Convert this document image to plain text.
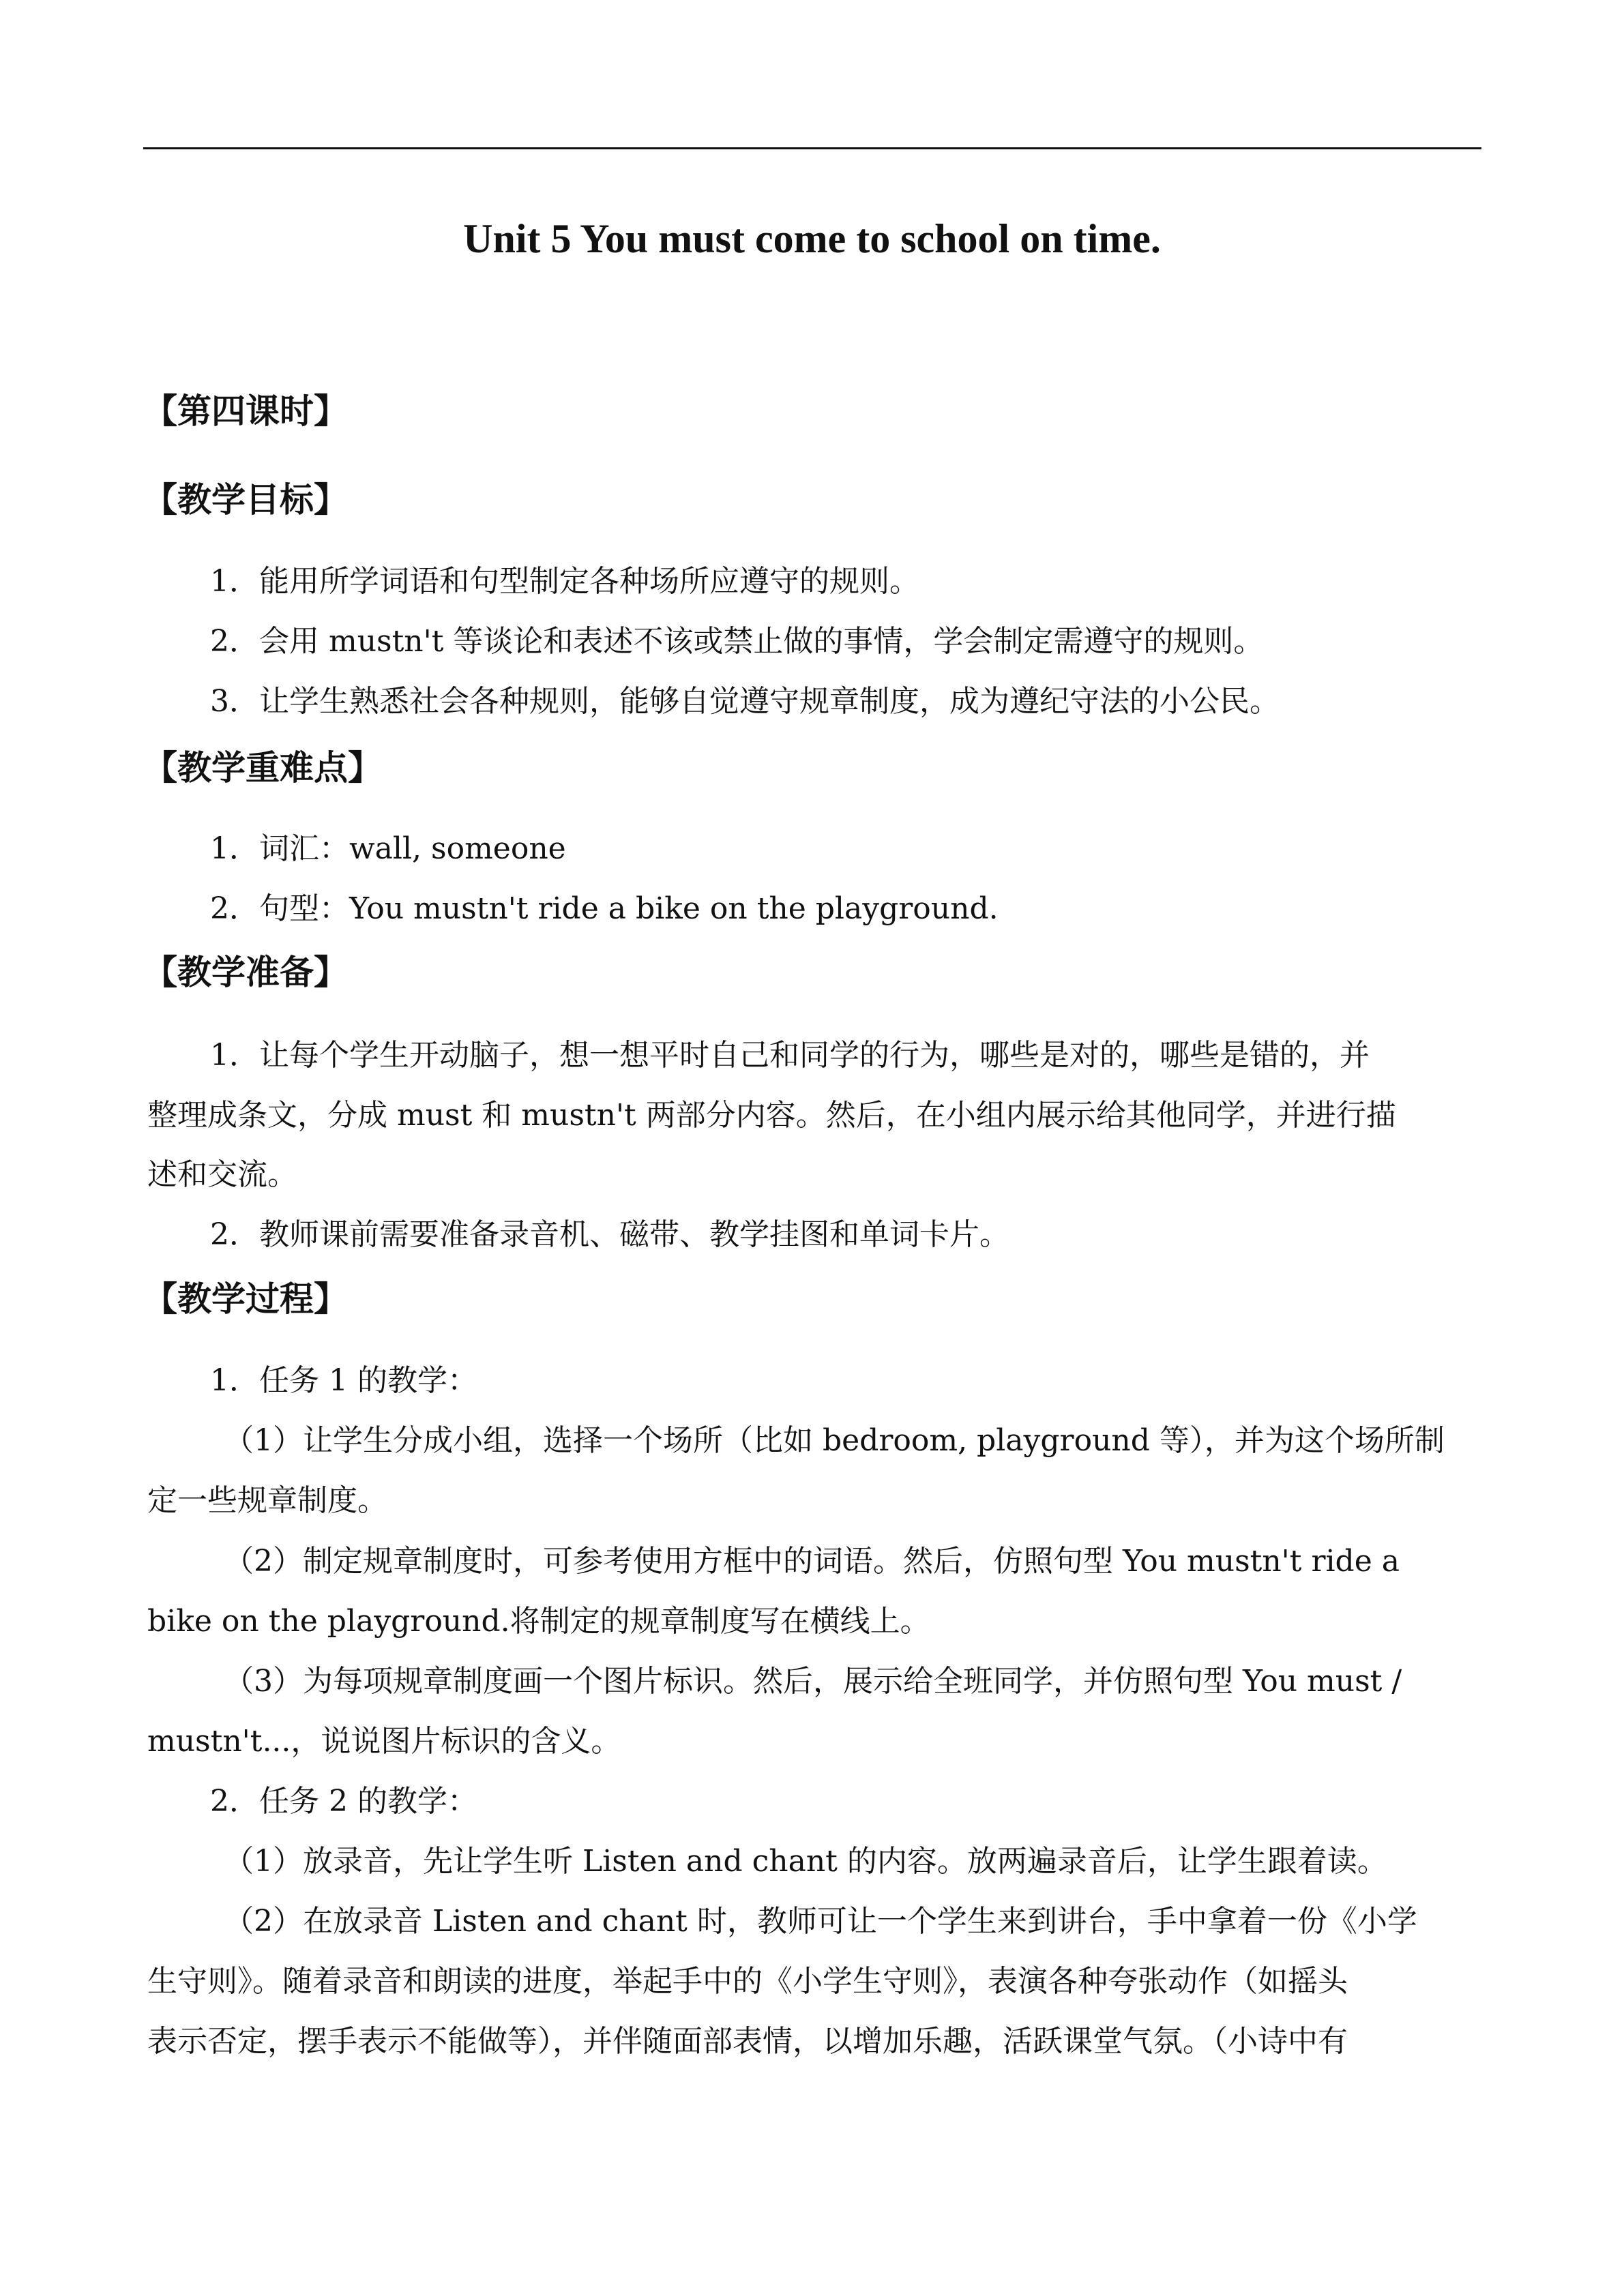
Unit 5 You must come to school on time.

【第四课时】

【教学目标】

1．能用所学词语和句型制定各种场所应遵守的规则。

2．会用 mustn't 等谈论和表述不该或禁止做的事情，学会制定需遵守的规则。

3．让学生熟悉社会各种规则，能够自觉遵守规章制度，成为遵纪守法的小公民。

【教学重难点】

1．词汇：wall, someone

2．句型：You mustn't ride a bike on the playground.

【教学准备】

1．让每个学生开动脑子，想一想平时自己和同学的行为，哪些是对的，哪些是错的，并

整理成条文，分成 must 和 mustn't 两部分内容。然后，在小组内展示给其他同学，并进行描

述和交流。

2．教师课前需要准备录音机、磁带、教学挂图和单词卡片。

【教学过程】

1．任务 1 的教学：

（1）让学生分成小组，选择一个场所（比如 bedroom, playground 等），并为这个场所制

定一些规章制度。

（2）制定规章制度时，可参考使用方框中的词语。然后，仿照句型 You mustn't ride a

bike on the playground.将制定的规章制度写在横线上。

（3）为每项规章制度画一个图片标识。然后，展示给全班同学，并仿照句型 You must /

mustn't...，说说图片标识的含义。

2．任务 2 的教学：

（1）放录音，先让学生听 Listen and chant 的内容。放两遍录音后，让学生跟着读。

（2）在放录音 Listen and chant 时，教师可让一个学生来到讲台，手中拿着一份《小学

生守则》。随着录音和朗读的进度，举起手中的《小学生守则》，表演各种夸张动作（如摇头

表示否定，摆手表示不能做等），并伴随面部表情，以增加乐趣，活跃课堂气氛。（小诗中有
